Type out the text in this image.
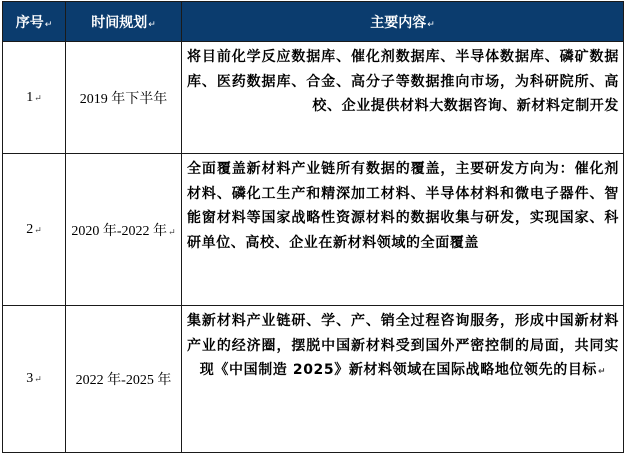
序号↵	时间规划↵	主要内容↵
1↵	2019 年下半年	将目前化学反应数据库、催化剂数据库、半导体数据库、磷矿数据库、医药数据库、合金、高分子等数据推向市场，为科研院所、高校、企业提供材料大数据咨询、新材料定制开发
2↵	2020 年-2022 年↵	全面覆盖新材料产业链所有数据的覆盖，主要研发方向为：催化剂材料、磷化工生产和精深加工材料、半导体材料和微电子器件、智能窗材料等国家战略性资源材料的数据收集与研发，实现国家、科研单位、高校、企业在新材料领域的全面覆盖
3↵	2022 年-2025 年	集新材料产业链研、学、产、销全过程咨询服务，形成中国新材料产业的经济圈，摆脱中国新材料受到国外严密控制的局面，共同实现《中国制造 2025》新材料领域在国际战略地位领先的目标↵
